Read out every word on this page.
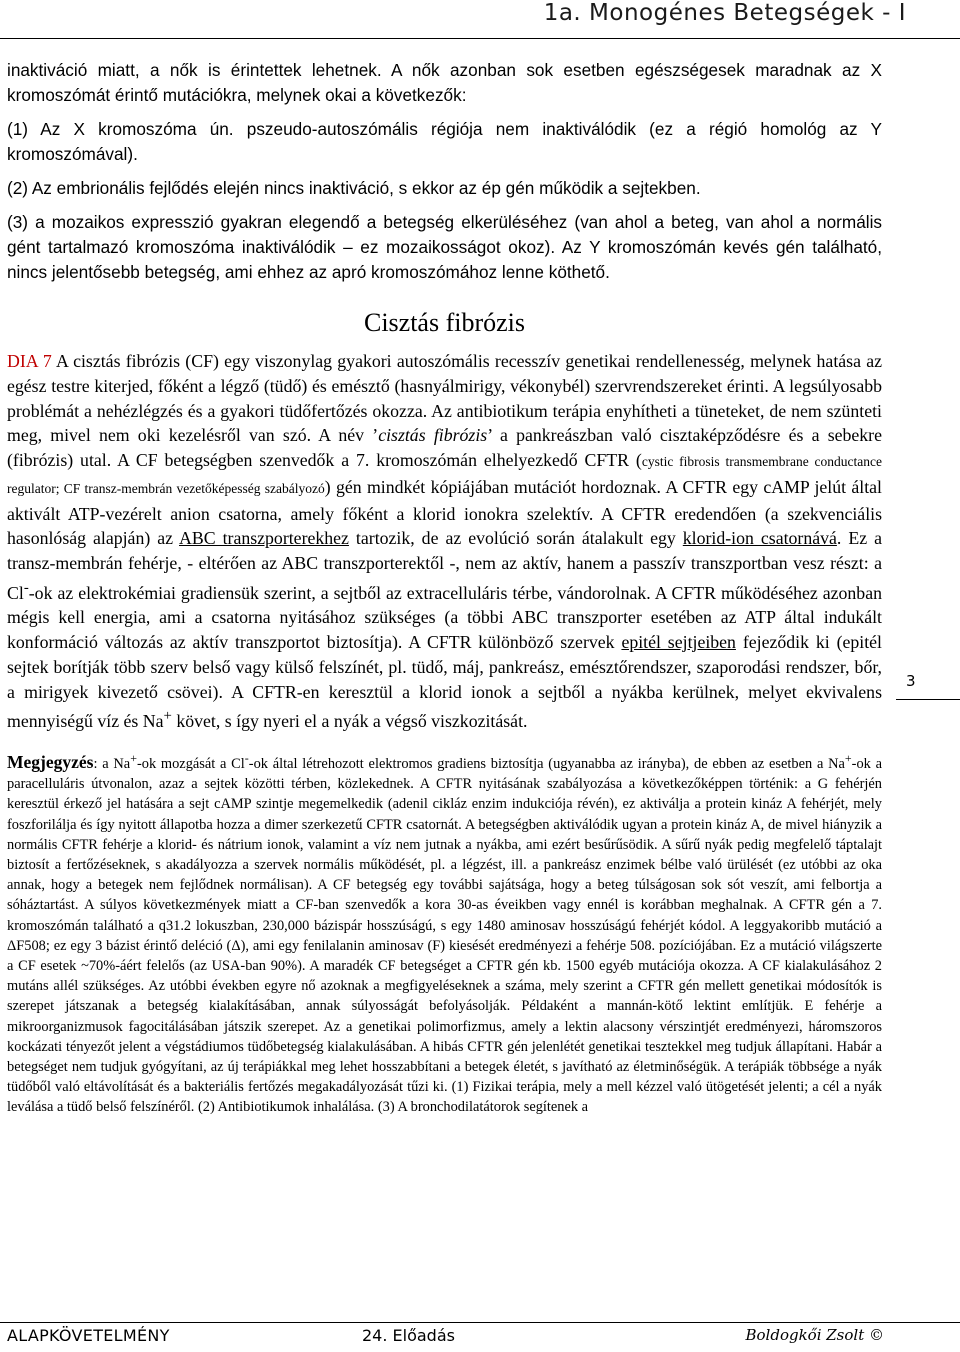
1a. Monogénes Betegségek - I

inaktiváció miatt, a nők is érintettek lehetnek. A nők azonban sok esetben egészségesek maradnak az X kromoszómát érintő mutációkra, melynek okai a következők:

(1) Az X kromoszóma ún. pszeudo-autoszómális régiója nem inaktiválódik (ez a régió homológ az Y kromoszómával).

(2) Az embrionális fejlődés elején nincs inaktiváció, s ekkor az ép gén működik a sejtekben.

(3) a mozaikos expresszió gyakran elegendő a betegség elkerüléséhez (van ahol a beteg, van ahol a normális gént tartalmazó kromoszóma inaktiválódik – ez mozaikosságot okoz). Az Y kromoszómán kevés gén található, nincs jelentősebb betegség, ami ehhez az apró kromoszómához lenne köthető.

Cisztás fibrózis

DIA 7 A cisztás fibrózis (CF) egy viszonylag gyakori autoszómális recesszív genetikai rendellenesség, melynek hatása az egész testre kiterjed, főként a légző (tüdő) és emésztő (hasnyálmirigy, vékonybél) szervrendszereket érinti. A legsúlyosabb problémát a nehézlégzés és a gyakori tüdőfertőzés okozza. Az antibiotikum terápia enyhítheti a tüneteket, de nem szünteti meg, mivel nem oki kezelésről van szó. A név ’cisztás fibrózis’ a pankreászban való cisztaképződésre és a sebekre (fibrózis) utal. A CF betegségben szenvedők a 7. kromoszómán elhelyezkedő CFTR (cystic fibrosis transmembrane conductance regulator; CF transz-membrán vezetőképesség szabályozó) gén mindkét kópiájában mutációt hordoznak. A CFTR egy cAMP jelút által aktivált ATP-vezérelt anion csatorna, amely főként a klorid ionokra szelektív. A CFTR eredendően (a szekvenciális hasonlóság alapján) az ABC transzporterekhez tartozik, de az evolúció során átalakult egy klorid-ion csatornává. Ez a transz-membrán fehérje, - eltérően az ABC transzporterektől -, nem az aktív, hanem a passzív transzportban vesz részt: a Cl--ok az elektrokémiai gradiensük szerint, a sejtből az extracelluláris térbe, vándorolnak. A CFTR működéséhez azonban mégis kell energia, ami a csatorna nyitásához szükséges (a többi ABC transzporter esetében az ATP által indukált konformáció változás az aktív transzportot biztosítja). A CFTR különböző szervek epitél sejtjeiben fejeződik ki (epitél sejtek borítják több szerv belső vagy külső felszínét, pl. tüdő, máj, pankreász, emésztőrendszer, szaporodási rendszer, bőr, a mirigyek kivezető csövei). A CFTR-en keresztül a klorid ionok a sejtből a nyákba kerülnek, melyet ekvivalens mennyiségű víz és Na+ követ, s így nyeri el a nyák a végső viszkozitását.

Megjegyzés: a Na+-ok mozgását a Cl--ok által létrehozott elektromos gradiens biztosítja (ugyanabba az irányba), de ebben az esetben a Na+-ok a paracelluláris útvonalon, azaz a sejtek közötti térben, közlekednek. A CFTR nyitásának szabályozása a következőképpen történik: a G fehérjén keresztül érkező jel hatására a sejt cAMP szintje megemelkedik (adenil cikláz enzim indukciója révén), ez aktiválja a protein kináz A fehérjét, mely foszforilálja és így nyitott állapotba hozza a dimer szerkezetű CFTR csatornát. A betegségben aktiválódik ugyan a protein kináz A, de mivel hiányzik a normális CFTR fehérje a klorid- és nátrium ionok, valamint a víz nem jutnak a nyákba, ami ezért besűrűsödik. A sűrű nyák pedig megfelelő táptalajt biztosít a fertőzéseknek, s akadályozza a szervek normális működését, pl. a légzést, ill. a pankreász enzimek bélbe való ürülését (ez utóbbi az oka annak, hogy a betegek nem fejlődnek normálisan). A CF betegség egy további sajátsága, hogy a beteg túlságosan sok sót veszít, ami felbortja a sóháztartást. A súlyos következmények miatt a CF-ban szenvedők a kora 30-as éveikben vagy ennél is korábban meghalnak. A CFTR gén a 7. kromoszómán található a q31.2 lokuszban, 230,000 bázispár hosszúságú, s egy 1480 aminosav hosszúságú fehérjét kódol. A leggyakoribb mutáció a ΔF508; ez egy 3 bázist érintő deléció (Δ), ami egy fenilalanin aminosav (F) kiesését eredményezi a fehérje 508. pozíciójában. Ez a mutáció világszerte a CF esetek ~70%-áért felelős (az USA-ban 90%). A maradék CF betegséget a CFTR gén kb. 1500 egyéb mutációja okozza. A CF kialakulásához 2 mutáns allél szükséges. Az utóbbi években egyre nő azoknak a megfigyeléseknek a száma, mely szerint a CFTR gén mellett genetikai módosítók is szerepet játszanak a betegség kialakításában, annak súlyosságát befolyásolják. Példaként a mannán-kötő lektint említjük. E fehérje a mikroorganizmusok fagocitálásában játszik szerepet. Az a genetikai polimorfizmus, amely a lektin alacsony vérszintjét eredményezi, háromszoros kockázati tényezőt jelent a végstádiumos tüdőbetegség kialakulásában. A hibás CFTR gén jelenlétét genetikai tesztekkel meg tudjuk állapítani. Habár a betegséget nem tudjuk gyógyítani, az új terápiákkal meg lehet hosszabbítani a betegek életét, s javítható az életminőségük. A terápiák többsége a nyák tüdőből való eltávolítását és a bakteriális fertőzés megakadályozását tűzi ki. (1) Fizikai terápia, mely a mell kézzel való ütögetését jelenti; a cél a nyák leválása a tüdő belső felszínéről. (2) Antibiotikumok inhalálása. (3) A bronchodilatátorok segítenek a

3
ALAPKÖVETELMÉNY	24. Előadás	Boldogkői Zsolt ©
